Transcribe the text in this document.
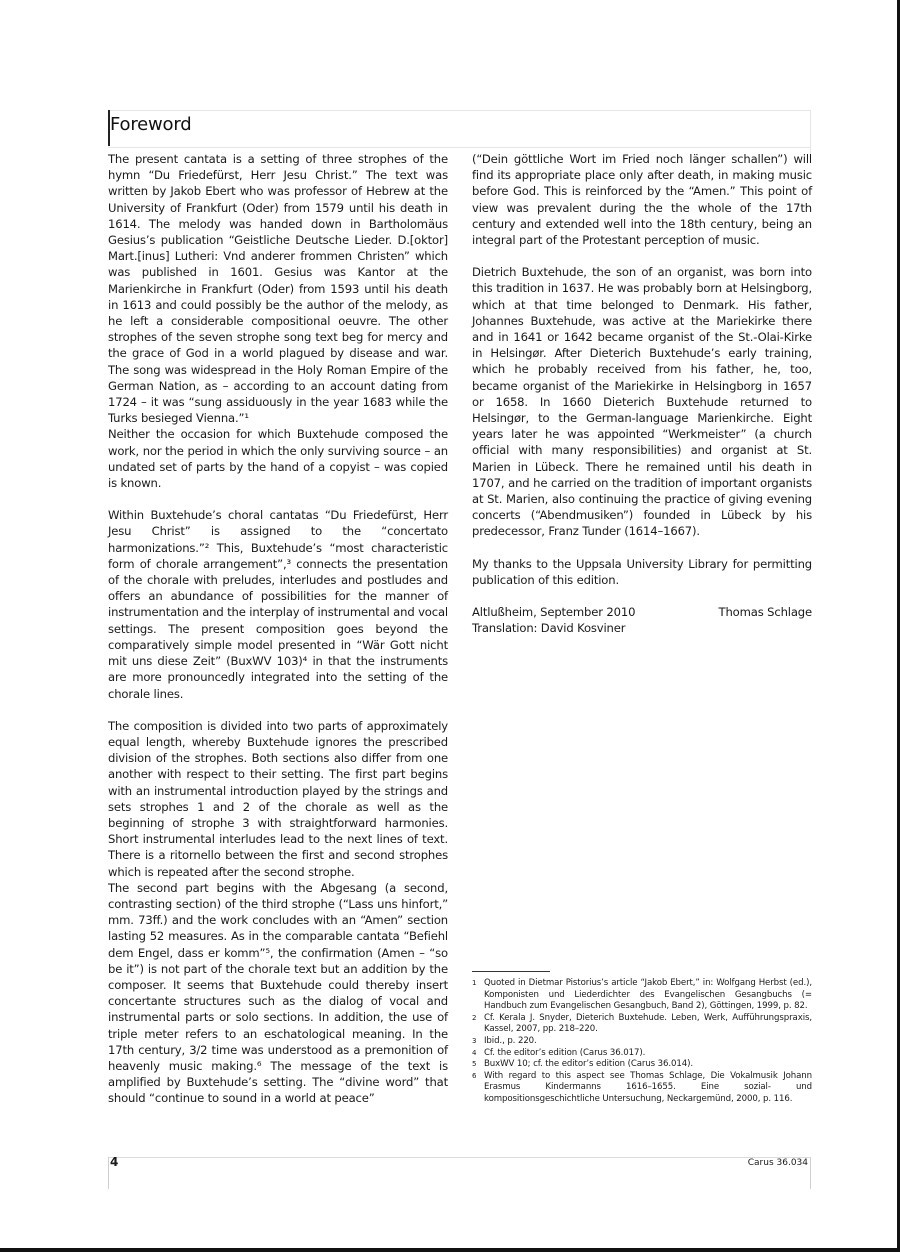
Foreword

The present cantata is a setting of three strophes of the hymn “Du Friedefürst, Herr Jesu Christ.” The text was written by Jakob Ebert who was professor of Hebrew at the University of Frankfurt (Oder) from 1579 until his death in 1614. The melody was handed down in Bartholomäus Gesius’s publication “Geistliche Deutsche Lieder. D.[oktor] Mart.[inus] Lutheri: Vnd anderer frommen Christen” which was published in 1601. Gesius was Kantor at the Marienkirche in Frankfurt (Oder) from 1593 until his death in 1613 and could possibly be the author of the melody, as he left a considerable compositional oeuvre. The other strophes of the seven strophe song text beg for mercy and the grace of God in a world plagued by disease and war. The song was widespread in the Holy Roman Empire of the German Nation, as – according to an account dating from 1724 – it was “sung assiduously in the year 1683 while the Turks besieged Vienna.”¹

Neither the occasion for which Buxtehude composed the work, nor the period in which the only surviving source – an undated set of parts by the hand of a copyist – was copied is known.

Within Buxtehude’s choral cantatas “Du Friedefürst, Herr Jesu Christ” is assigned to the “concertato harmonizations.”² This, Buxtehude’s “most characteristic form of chorale arrangement”,³ connects the presentation of the chorale with preludes, interludes and postludes and offers an abundance of possibilities for the manner of instrumentation and the interplay of instrumental and vocal settings. The present composition goes beyond the comparatively simple model presented in “Wär Gott nicht mit uns diese Zeit” (BuxWV 103)⁴ in that the instruments are more pronouncedly integrated into the setting of the chorale lines.

The composition is divided into two parts of approximately equal length, whereby Buxtehude ignores the prescribed division of the strophes. Both sections also differ from one another with respect to their setting. The first part begins with an instrumental introduction played by the strings and sets strophes 1 and 2 of the chorale as well as the beginning of strophe 3 with straightforward harmonies. Short instrumental interludes lead to the next lines of text. There is a ritornello between the first and second strophes which is repeated after the second strophe.

The second part begins with the Abgesang (a second, contrasting section) of the third strophe (“Lass uns hinfort,” mm. 73ff.) and the work concludes with an “Amen” section lasting 52 measures. As in the comparable cantata “Befiehl dem Engel, dass er komm”⁵, the confirmation (Amen – “so be it”) is not part of the chorale text but an addition by the composer. It seems that Buxtehude could thereby insert concertante structures such as the dialog of vocal and instrumental parts or solo sections. In addition, the use of triple meter refers to an eschatological meaning. In the 17th century, 3/2 time was understood as a premonition of heavenly music making.⁶ The message of the text is amplified by Buxtehude’s setting. The “divine word” that should “continue to sound in a world at peace”

(“Dein göttliche Wort im Fried noch länger schallen”) will find its appropriate place only after death, in making music before God. This is reinforced by the “Amen.” This point of view was prevalent during the the whole of the 17th century and extended well into the 18th century, being an integral part of the Protestant perception of music.

Dietrich Buxtehude, the son of an organist, was born into this tradition in 1637. He was probably born at Helsingborg, which at that time belonged to Denmark. His father, Johannes Buxtehude, was active at the Mariekirke there and in 1641 or 1642 became organist of the St.-Olai-Kirke in Helsingør. After Dieterich Buxtehude’s early training, which he probably received from his father, he, too, became organist of the Mariekirke in Helsingborg in 1657 or 1658. In 1660 Dieterich Buxtehude returned to Helsingør, to the German-language Marienkirche. Eight years later he was appointed “Werkmeister” (a church official with many responsibilities) and organist at St. Marien in Lübeck. There he remained until his death in 1707, and he carried on the tradition of important organists at St. Marien, also continuing the practice of giving evening concerts (“Abendmusiken”) founded in Lübeck by his predecessor, Franz Tunder (1614–1667).

My thanks to the Uppsala University Library for permitting publication of this edition.

Altlußheim, September 2010	Thomas Schlage

Translation: David Kosviner

1 Quoted in Dietmar Pistorius’s article “Jakob Ebert,” in: Wolfgang Herbst (ed.), Komponisten und Liederdichter des Evangelischen Gesangbuchs (= Handbuch zum Evangelischen Gesangbuch, Band 2), Göttingen, 1999, p. 82.
2 Cf. Kerala J. Snyder, Dieterich Buxtehude. Leben, Werk, Aufführungspraxis, Kassel, 2007, pp. 218–220.
3 Ibid., p. 220.
4 Cf. the editor’s edition (Carus 36.017).
5 BuxWV 10; cf. the editor’s edition (Carus 36.014).
6 With regard to this aspect see Thomas Schlage, Die Vokalmusik Johann Erasmus Kindermanns 1616–1655. Eine sozial- und kompositionsgeschichtliche Untersuchung, Neckargemünd, 2000, p. 116.
4	Carus 36.034
